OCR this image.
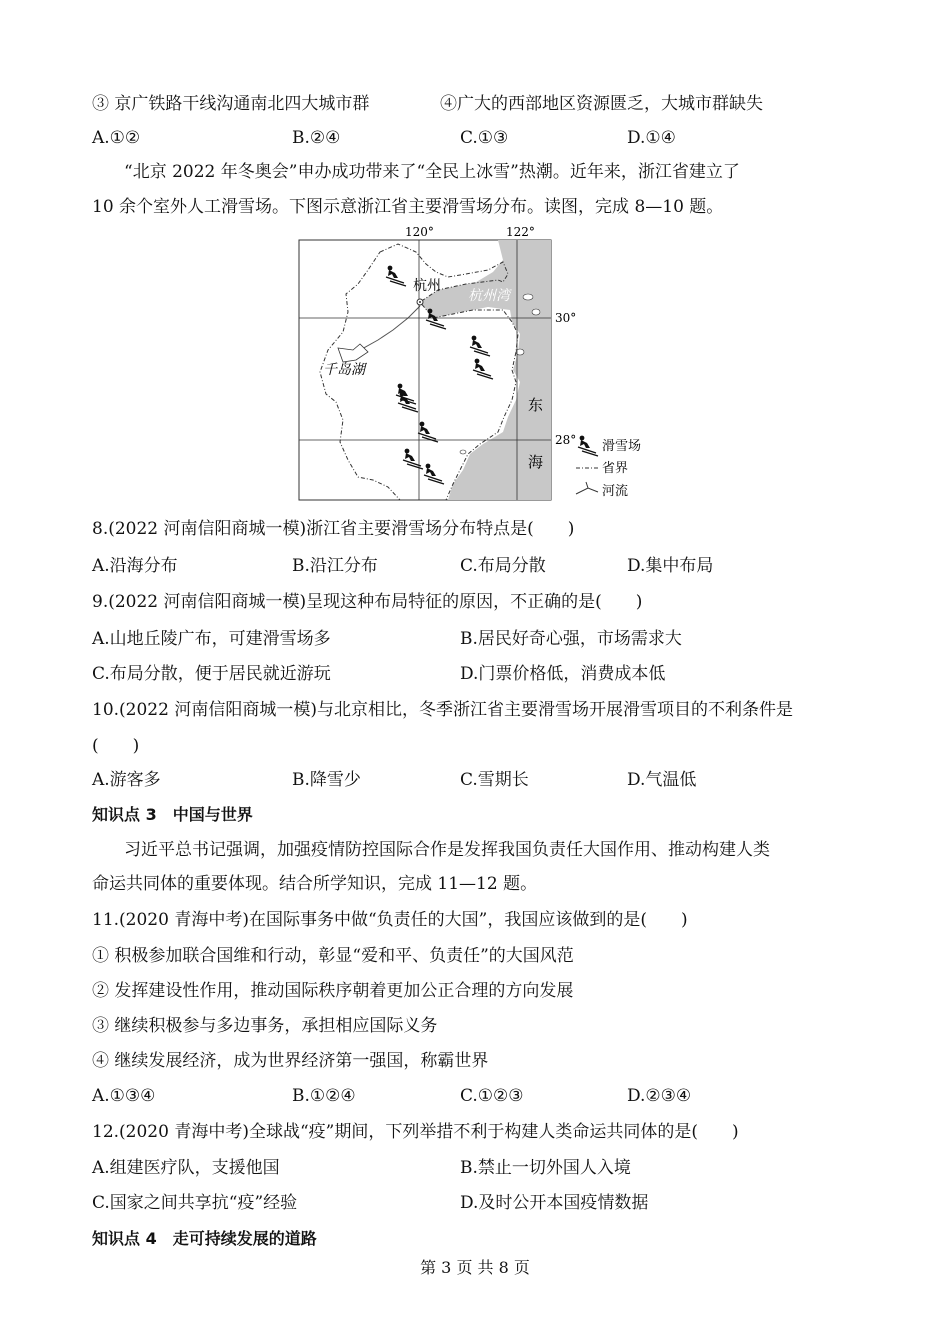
③ 京广铁路干线沟通南北四大城市群	④广大的西部地区资源匮乏，大城市群缺失
A.①②	B.②④	C.①③	D.①④
“北京 2022 年冬奥会”申办成功带来了“全民上冰雪”热潮。近年来，浙江省建立了
10 余个室外人工滑雪场。下图示意浙江省主要滑雪场分布。读图，完成 8—10 题。
120°	122°
30°
28°
杭州
杭州湾
千岛湖
东
海
滑雪场
省界
河流
8.(2022 河南信阳商城一模)浙江省主要滑雪场分布特点是(　　)
A.沿海分布	B.沿江分布	C.布局分散	D.集中布局
9.(2022 河南信阳商城一模)呈现这种布局特征的原因，不正确的是(　　)
A.山地丘陵广布，可建滑雪场多	B.居民好奇心强，市场需求大
C.布局分散，便于居民就近游玩	D.门票价格低，消费成本低
10.(2022 河南信阳商城一模)与北京相比，冬季浙江省主要滑雪场开展滑雪项目的不利条件是
(　　)
A.游客多	B.降雪少	C.雪期长	D.气温低
知识点 3　中国与世界
习近平总书记强调，加强疫情防控国际合作是发挥我国负责任大国作用、推动构建人类
命运共同体的重要体现。结合所学知识，完成 11—12 题。
11.(2020 青海中考)在国际事务中做“负责任的大国”，我国应该做到的是(　　)
① 积极参加联合国维和行动，彰显“爱和平、负责任”的大国风范
② 发挥建设性作用，推动国际秩序朝着更加公正合理的方向发展
③ 继续积极参与多边事务，承担相应国际义务
④ 继续发展经济，成为世界经济第一强国，称霸世界
A.①③④	B.①②④	C.①②③	D.②③④
12.(2020 青海中考)全球战“疫”期间，下列举措不利于构建人类命运共同体的是(　　)
A.组建医疗队，支援他国	B.禁止一切外国人入境
C.国家之间共享抗“疫”经验	D.及时公开本国疫情数据
知识点 4　走可持续发展的道路
第 3 页 共 8 页
